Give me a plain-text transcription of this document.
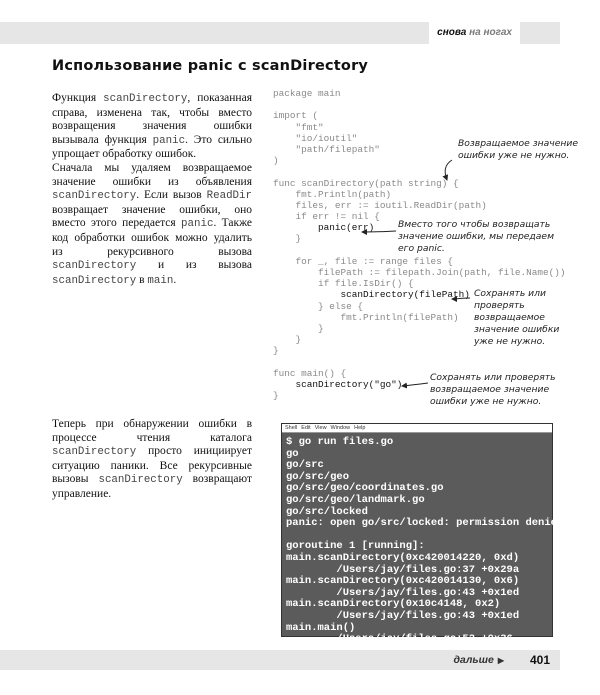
снова на ногах
Использование panic с scanDirectory

Функция scanDirectory, показанная справа, изменена так, чтобы вместо возвращения значения ошибки вызывала функция panic. Это сильно упрощает обработку ошибок.

Сначала мы удаляем возвращаемое значение ошибки из объявления scanDirectory. Если вызов ReadDir возвращает значение ошибки, оно вместо этого передается panic. Также код обработки ошибок можно удалить из рекурсивного вызова scanDirectory и из вызова scanDirectory в main.

Теперь при обнаружении ошибки в процессе чтения каталога scanDirectory просто инициирует ситуацию паники. Все рекурсивные вызовы scanDirectory возвращают управление.

package main
import (
"fmt"
"io/ioutil"
"path/filepath"
)
func scanDirectory(path string) {
fmt.Println(path)
files, err := ioutil.ReadDir(path)
if err != nil {
panic(err)
}
for _, file := range files {
filePath := filepath.Join(path, file.Name())
if file.IsDir() {
scanDirectory(filePath)
} else {
fmt.Println(filePath)
}
}
}
func main() {
scanDirectory("go")
}
Возвращаемое значение ошибки уже не нужно.
Вместо того чтобы возвращать значение ошибки, мы передаем его panic.
Сохранять или проверять возвращаемое значение ошибки уже не нужно.
Сохранять или проверять возвращаемое значение ошибки уже не нужно.
Shell Edit View Window Help
$ go run files.go
go
go/src
go/src/geo
go/src/geo/coordinates.go
go/src/geo/landmark.go
go/src/locked
panic: open go/src/locked: permission denied
goroutine 1 [running]:
main.scanDirectory(0xc420014220, 0xd)
/Users/jay/files.go:37 +0x29a
main.scanDirectory(0xc420014130, 0x6)
/Users/jay/files.go:43 +0x1ed
main.scanDirectory(0x10c4148, 0x2)
/Users/jay/files.go:43 +0x1ed
main.main()
/Users/jay/files.go:52 +0x36
дальше ▶ 401
